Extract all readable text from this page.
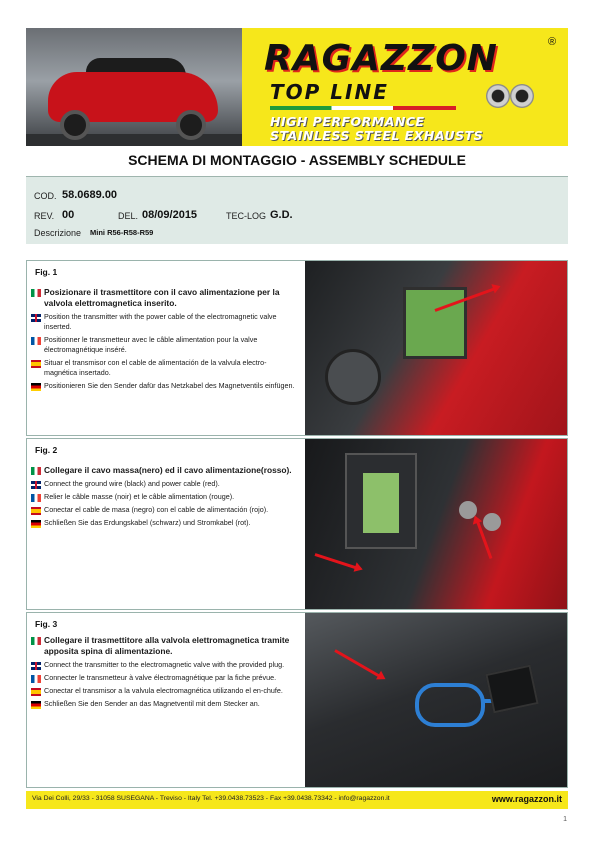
RAGAZZON	®
TOP LINE
HIGH PERFORMANCE
STAINLESS STEEL EXHAUSTS
SCHEMA DI MONTAGGIO - ASSEMBLY SCHEDULE
COD. 58.0689.00
REV. 00	DEL. 08/09/2015	TEC-LOG G.D.
Descrizione Mini R56-R58-R59
Fig. 1
Posizionare il trasmettitore con il cavo alimentazione per la valvola elettromagnetica inserito.
Position the transmitter with the power cable of the electromagnetic valve inserted.
Positionner le transmetteur avec le câble alimentation pour la valve électromagnétique inséré.
Situar el transmisor con el cable de alimentación de la valvula electro-magnética insertado.
Positionieren Sie den Sender dafür das Netzkabel des Magnetventils einfügen.
Fig. 2
Collegare il cavo massa(nero) ed il cavo alimentazione(rosso).
Connect the ground wire (black) and power cable (red).
Relier le câble masse (noir) et le câble alimentation (rouge).
Conectar el cable de masa (negro) con el cable de alimentación (rojo).
Schließen Sie das Erdungskabel (schwarz) und Stromkabel (rot).
Fig. 3
Collegare il trasmettitore alla valvola elettromagnetica tramite apposita spina di alimentazione.
Connect the transmitter to the electromagnetic valve with the provided plug.
Connecter le transmetteur à valve électromagnétique par la fiche prévue.
Conectar el transmisor a la valvula electromagnética utilizando el en-chufe.
Schließen Sie den Sender an das Magnetventil mit dem Stecker an.
Via Dei Colli, 29/33 - 31058 SUSEGANA - Treviso - Italy Tel. +39.0438.73523 - Fax +39.0438.73342 - info@ragazzon.it	www.ragazzon.it
1
